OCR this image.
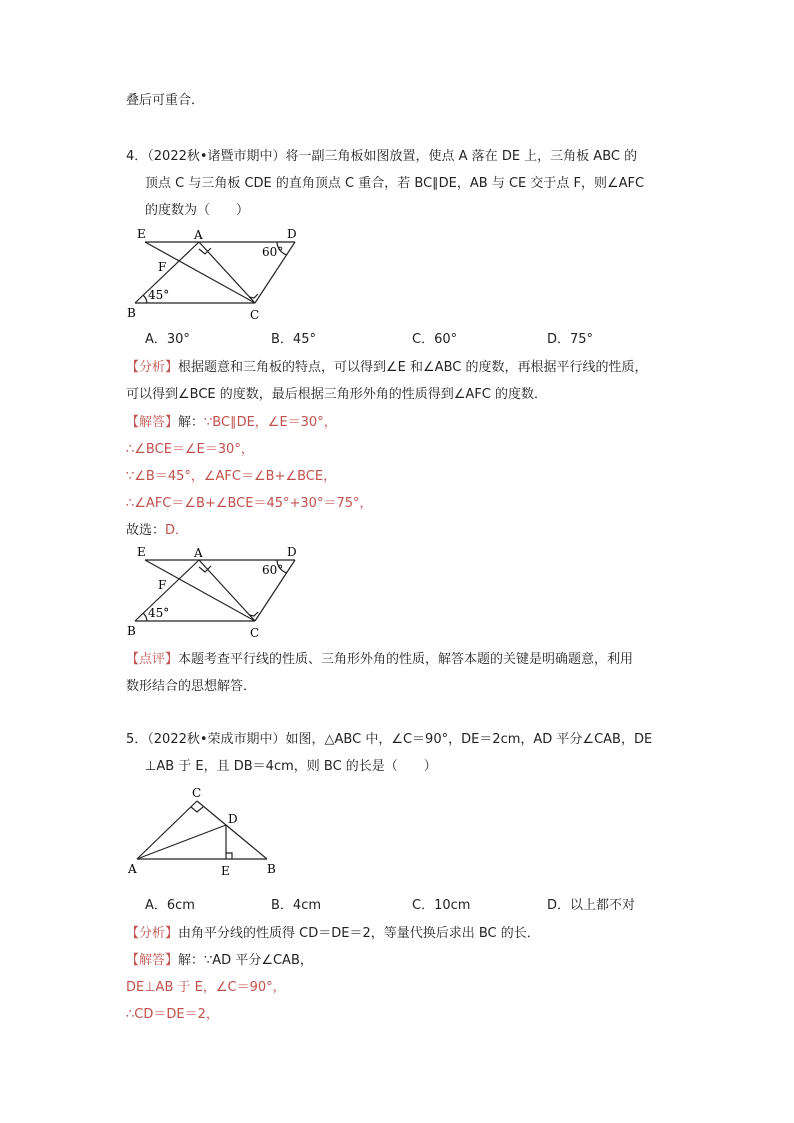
叠后可重合．
4．（2022秋•诸暨市期中）将一副三角板如图放置，使点 A 落在 DE 上，三角板 ABC 的
顶点 C 与三角板 CDE 的直角顶点 C 重合，若 BC∥DE，AB 与 CE 交于点 F，则∠AFC
的度数为（　　）
E	A	D
F
B	C
60°
45°
A．30°	B．45°	C．60°	D．75°
【分析】根据题意和三角板的特点，可以得到∠E 和∠ABC 的度数，再根据平行线的性质，
可以得到∠BCE 的度数，最后根据三角形外角的性质得到∠AFC 的度数．
【解答】解：∵BC∥DE，∠E＝30°，
∴∠BCE＝∠E＝30°，
∵∠B＝45°，∠AFC＝∠B+∠BCE，
∴∠AFC＝∠B+∠BCE＝45°+30°＝75°，
故选：D．
E	A	D
F
B	C
60°
45°
【点评】本题考查平行线的性质、三角形外角的性质，解答本题的关键是明确题意，利用
数形结合的思想解答．
5．（2022秋•荣成市期中）如图，△ABC 中，∠C＝90°，DE＝2cm，AD 平分∠CAB，DE
⊥AB 于 E，且 DB＝4cm，则 BC 的长是（　　）
C
D
A	E	B
A．6cm	B．4cm	C．10cm	D．以上都不对
【分析】由角平分线的性质得 CD＝DE＝2，等量代换后求出 BC 的长．
【解答】解：∵AD 平分∠CAB，
DE⊥AB 于 E，∠C＝90°，
∴CD＝DE＝2，
